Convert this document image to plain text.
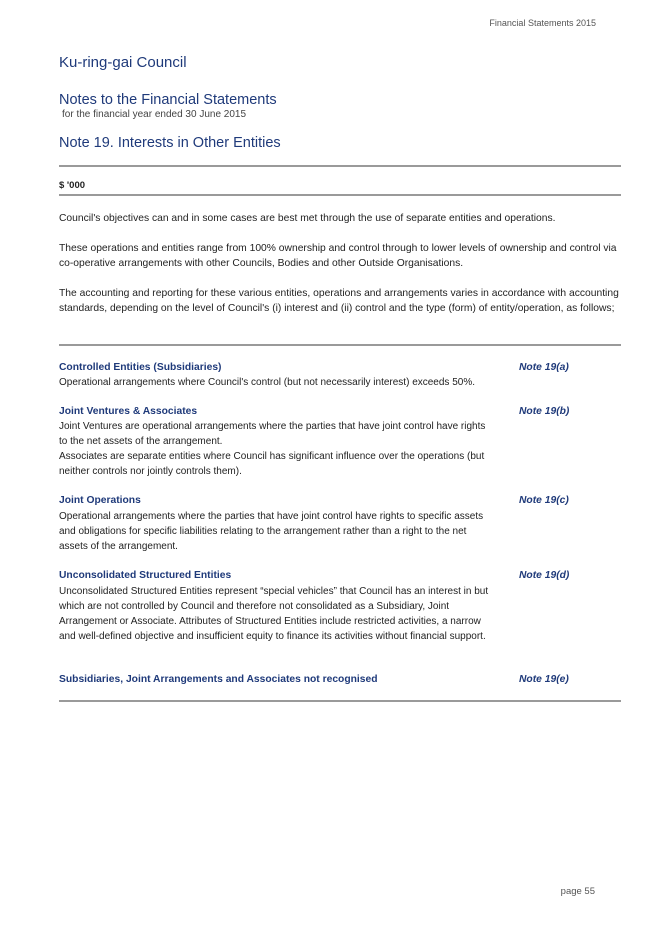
Financial Statements 2015
Ku-ring-gai Council
Notes to the Financial Statements
for the financial year ended 30 June 2015
Note 19. Interests in Other Entities
$ '000
Council's objectives can and in some cases are best met through the use of separate entities and operations.
These operations and entities range from 100% ownership and control through to lower levels of ownership and control via co-operative arrangements with other Councils, Bodies and other Outside Organisations.
The accounting and reporting for these various entities, operations and arrangements varies in accordance with accounting standards, depending on the level of Council's (i) interest and (ii) control and the type (form) of entity/operation, as follows;
Controlled Entities (Subsidiaries)	Note 19(a)
Operational arrangements where Council's control (but not necessarily interest) exceeds 50%.
Joint Ventures & Associates	Note 19(b)
Joint Ventures are operational arrangements where the parties that have joint control have rights to the net assets of the arrangement.
Associates are separate entities where Council has significant influence over the operations (but neither controls nor jointly controls them).
Joint Operations	Note 19(c)
Operational arrangements where the parties that have joint control have rights to specific assets and obligations for specific liabilities relating to the arrangement rather than a right to the net assets of the arrangement.
Unconsolidated Structured Entities	Note 19(d)
Unconsolidated Structured Entities represent “special vehicles” that Council has an interest in but which are not controlled by Council and therefore not consolidated as a Subsidiary, Joint Arrangement or Associate. Attributes of Structured Entities include restricted activities, a narrow and well-defined objective and insufficient equity to finance its activities without financial support.
Subsidiaries, Joint Arrangements and Associates not recognised	Note 19(e)
page 55
